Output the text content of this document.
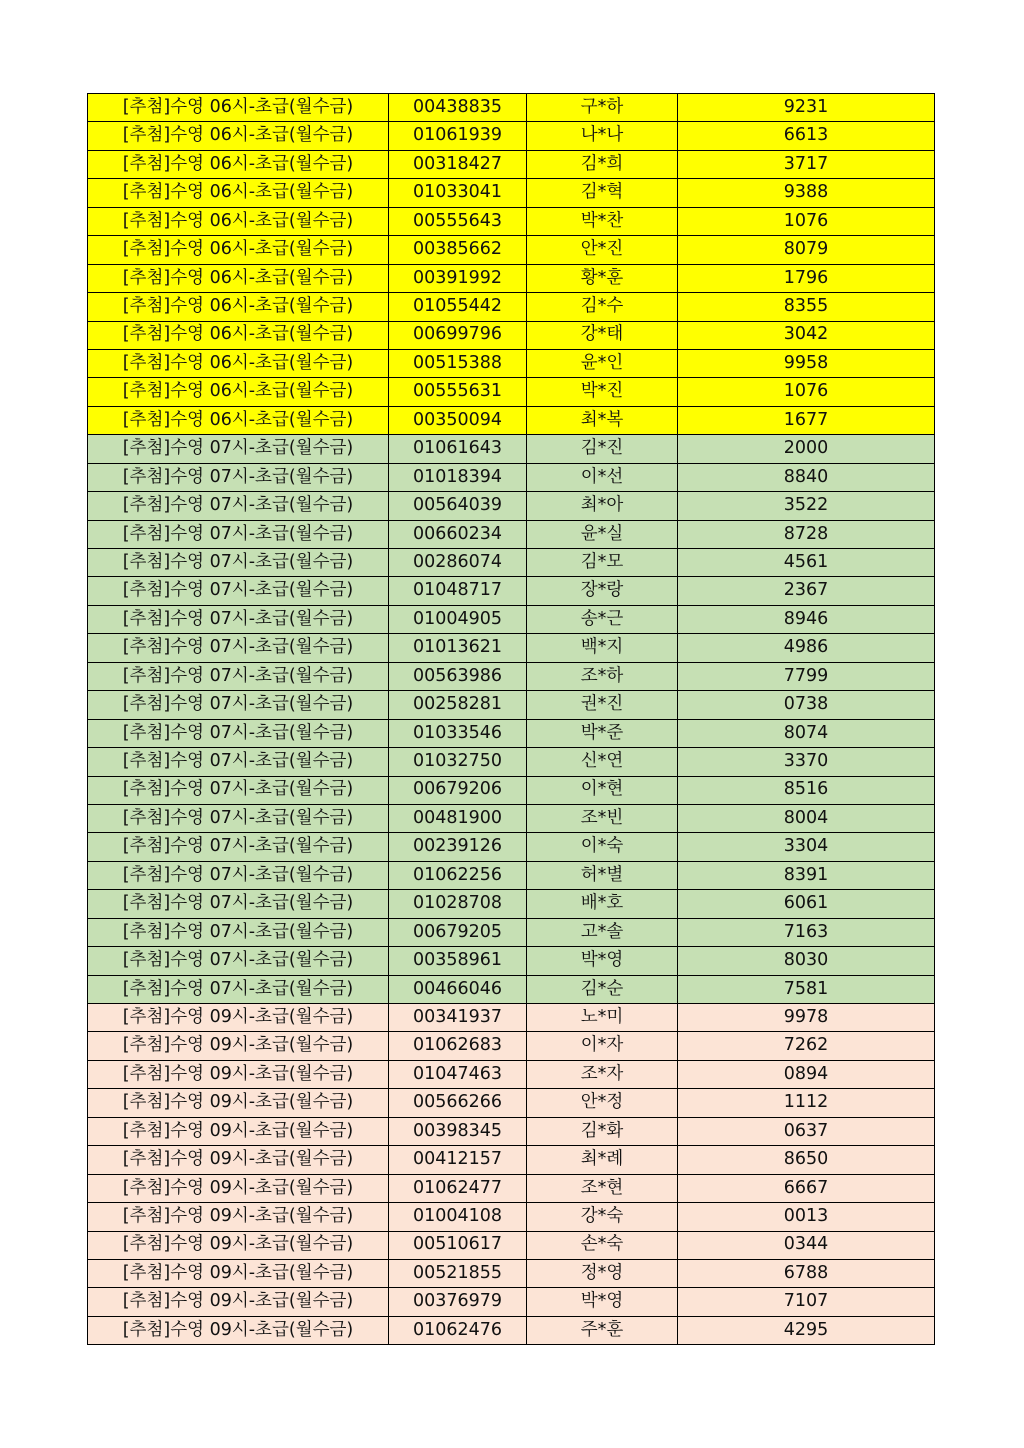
[추첨]수영 06시-초급(월수금)	00438835	구*하	9231
[추첨]수영 06시-초급(월수금)	01061939	나*나	6613
[추첨]수영 06시-초급(월수금)	00318427	김*희	3717
[추첨]수영 06시-초급(월수금)	01033041	김*혁	9388
[추첨]수영 06시-초급(월수금)	00555643	박*찬	1076
[추첨]수영 06시-초급(월수금)	00385662	안*진	8079
[추첨]수영 06시-초급(월수금)	00391992	황*훈	1796
[추첨]수영 06시-초급(월수금)	01055442	김*수	8355
[추첨]수영 06시-초급(월수금)	00699796	강*태	3042
[추첨]수영 06시-초급(월수금)	00515388	윤*인	9958
[추첨]수영 06시-초급(월수금)	00555631	박*진	1076
[추첨]수영 06시-초급(월수금)	00350094	최*복	1677
[추첨]수영 07시-초급(월수금)	01061643	김*진	2000
[추첨]수영 07시-초급(월수금)	01018394	이*선	8840
[추첨]수영 07시-초급(월수금)	00564039	최*아	3522
[추첨]수영 07시-초급(월수금)	00660234	윤*실	8728
[추첨]수영 07시-초급(월수금)	00286074	김*모	4561
[추첨]수영 07시-초급(월수금)	01048717	장*랑	2367
[추첨]수영 07시-초급(월수금)	01004905	송*근	8946
[추첨]수영 07시-초급(월수금)	01013621	백*지	4986
[추첨]수영 07시-초급(월수금)	00563986	조*하	7799
[추첨]수영 07시-초급(월수금)	00258281	권*진	0738
[추첨]수영 07시-초급(월수금)	01033546	박*준	8074
[추첨]수영 07시-초급(월수금)	01032750	신*연	3370
[추첨]수영 07시-초급(월수금)	00679206	이*현	8516
[추첨]수영 07시-초급(월수금)	00481900	조*빈	8004
[추첨]수영 07시-초급(월수금)	00239126	이*숙	3304
[추첨]수영 07시-초급(월수금)	01062256	허*별	8391
[추첨]수영 07시-초급(월수금)	01028708	배*호	6061
[추첨]수영 07시-초급(월수금)	00679205	고*솔	7163
[추첨]수영 07시-초급(월수금)	00358961	박*영	8030
[추첨]수영 07시-초급(월수금)	00466046	김*순	7581
[추첨]수영 09시-초급(월수금)	00341937	노*미	9978
[추첨]수영 09시-초급(월수금)	01062683	이*자	7262
[추첨]수영 09시-초급(월수금)	01047463	조*자	0894
[추첨]수영 09시-초급(월수금)	00566266	안*정	1112
[추첨]수영 09시-초급(월수금)	00398345	김*화	0637
[추첨]수영 09시-초급(월수금)	00412157	최*례	8650
[추첨]수영 09시-초급(월수금)	01062477	조*현	6667
[추첨]수영 09시-초급(월수금)	01004108	강*숙	0013
[추첨]수영 09시-초급(월수금)	00510617	손*숙	0344
[추첨]수영 09시-초급(월수금)	00521855	정*영	6788
[추첨]수영 09시-초급(월수금)	00376979	박*영	7107
[추첨]수영 09시-초급(월수금)	01062476	주*훈	4295
